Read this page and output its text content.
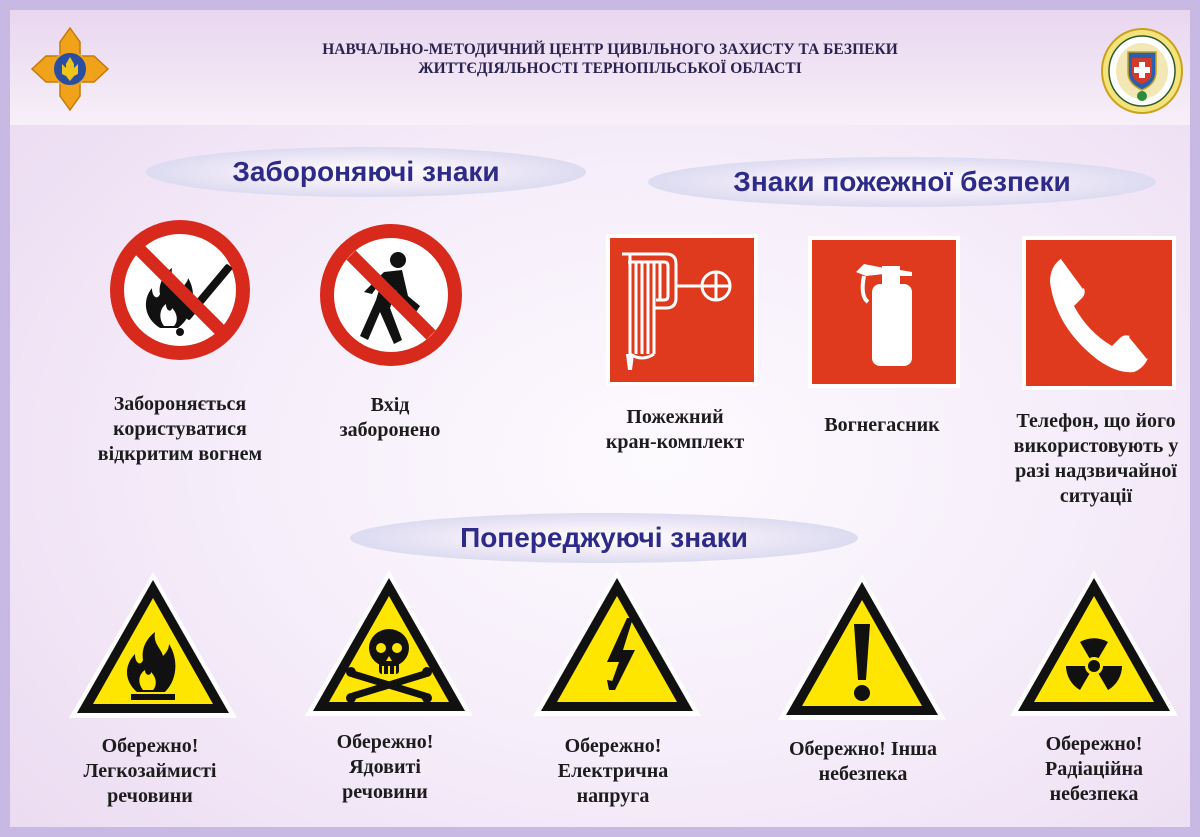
НАВЧАЛЬНО-МЕТОДИЧНИЙ ЦЕНТР ЦИВІЛЬНОГО ЗАХИСТУ ТА БЕЗПЕКИ
ЖИТТЄДІЯЛЬНОСТІ ТЕРНОПІЛЬСЬКОЇ ОБЛАСТІ
Забороняючі знаки
Забороняється
користуватися
відкритим вогнем
Вхід
заборонено
Знаки пожежної безпеки
Пожежний
кран-комплект
Вогнегасник	Телефон, що його
використовують у
разі надзвичайної
ситуації
Попереджуючі знаки
Обережно!
Легкозаймисті
речовини
Обережно!
Ядовиті
речовини
Обережно!
Електрична
напруга
Обережно! Інша
небезпека
Обережно!
Радіаційна
небезпека
